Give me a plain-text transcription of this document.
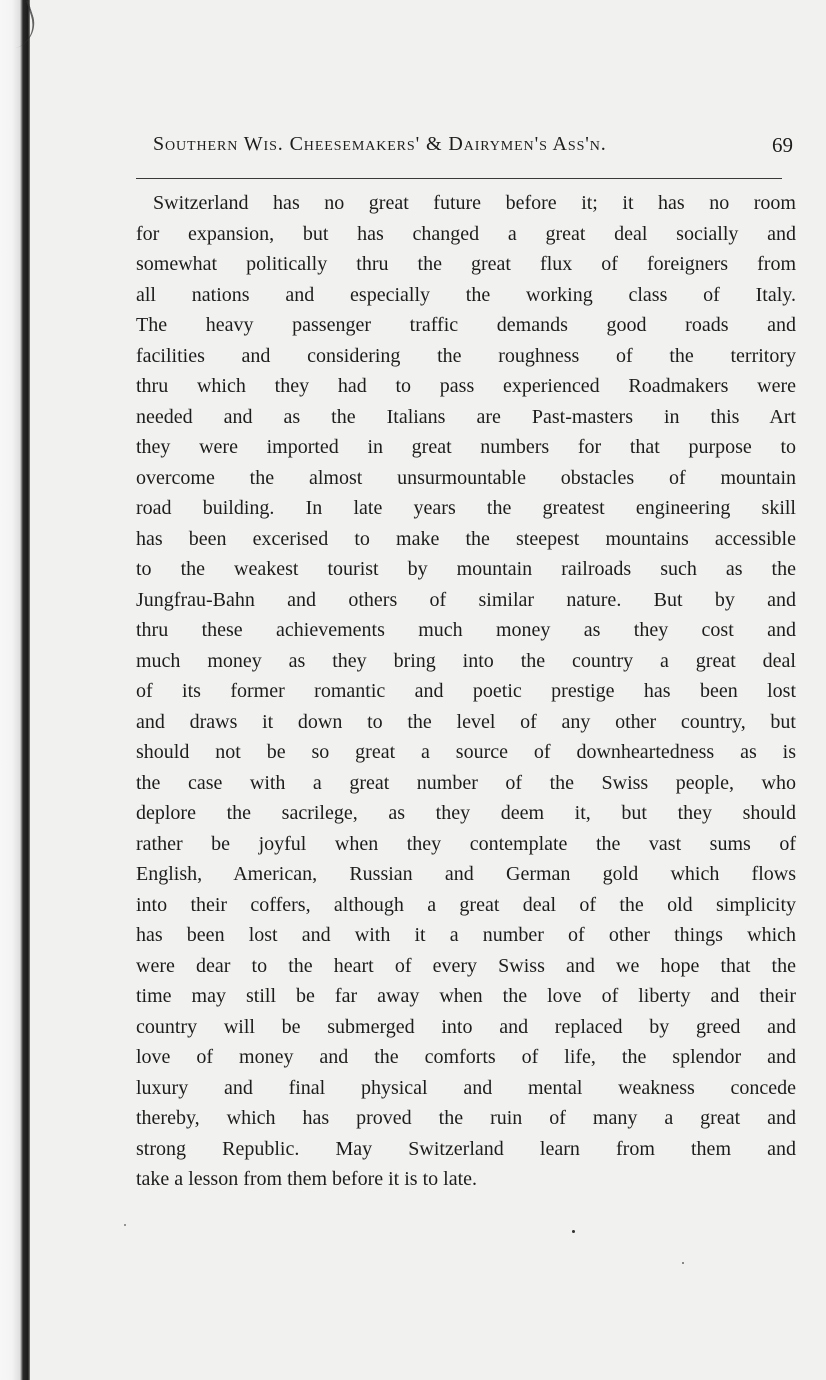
Southern Wis. Cheesemakers' & Dairymen's Ass'n.	69
Switzerland has no great future before it; it has no room
for expansion, but has changed a great deal socially and
somewhat politically thru the great flux of foreigners from
all nations and especially the working class of Italy.
The heavy passenger traffic demands good roads and
facilities and considering the roughness of the territory
thru which they had to pass experienced Roadmakers were
needed and as the Italians are Past-masters in this Art
they were imported in great numbers for that purpose to
overcome the almost unsurmountable obstacles of mountain
road building. In late years the greatest engineering skill
has been excerised to make the steepest mountains accessible
to the weakest tourist by mountain railroads such as the
Jungfrau-Bahn and others of similar nature. But by and
thru these achievements much money as they cost and
much money as they bring into the country a great deal
of its former romantic and poetic prestige has been lost
and draws it down to the level of any other country, but
should not be so great a source of downheartedness as is
the case with a great number of the Swiss people, who
deplore the sacrilege, as they deem it, but they should
rather be joyful when they contemplate the vast sums of
English, American, Russian and German gold which flows
into their coffers, although a great deal of the old simplicity
has been lost and with it a number of other things which
were dear to the heart of every Swiss and we hope that the
time may still be far away when the love of liberty and their
country will be submerged into and replaced by greed and
love of money and the comforts of life, the splendor and
luxury and final physical and mental weakness concede
thereby, which has proved the ruin of many a great and
strong Republic. May Switzerland learn from them and
take a lesson from them before it is to late.
